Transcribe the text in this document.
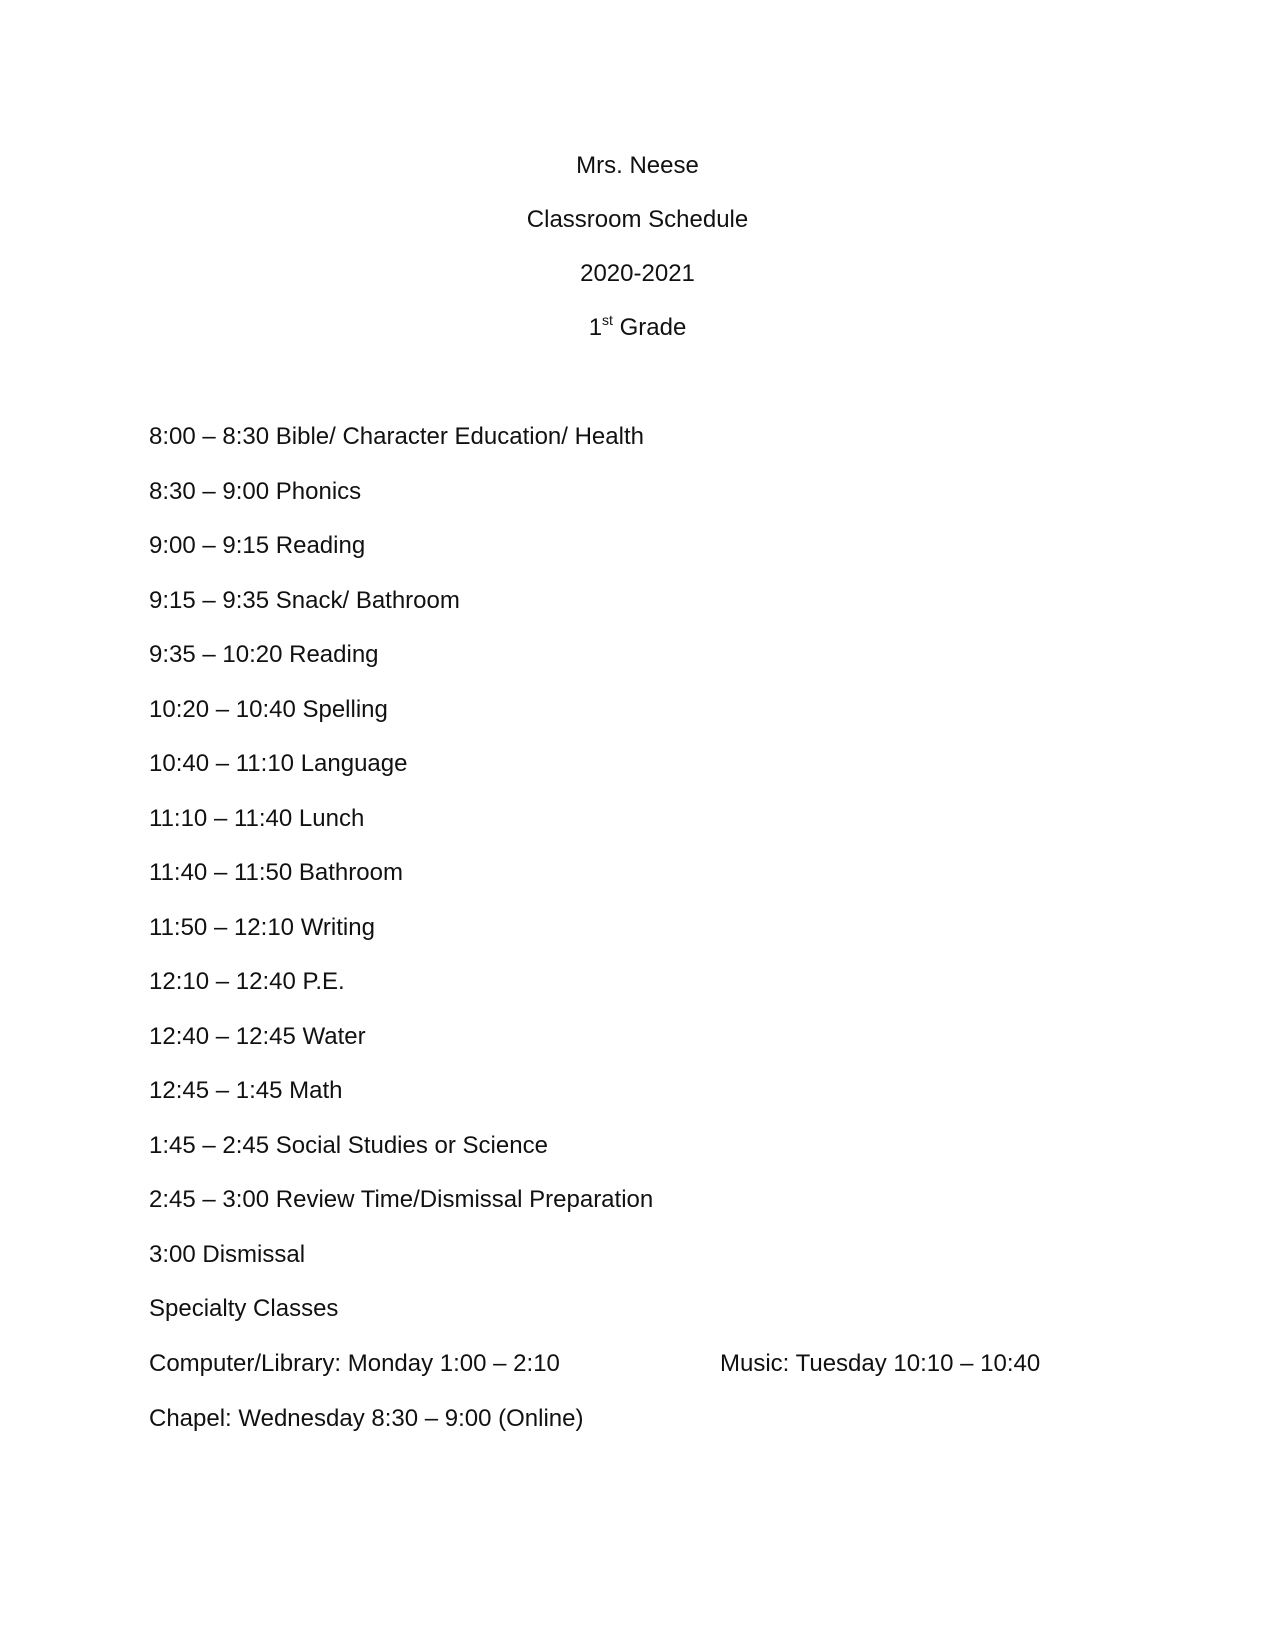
Mrs. Neese
Classroom Schedule
2020-2021
1st Grade
8:00 – 8:30 Bible/ Character Education/ Health
8:30 – 9:00 Phonics
9:00 – 9:15 Reading
9:15 – 9:35 Snack/ Bathroom
9:35 – 10:20 Reading
10:20 – 10:40 Spelling
10:40 – 11:10 Language
11:10 – 11:40 Lunch
11:40 – 11:50 Bathroom
11:50 – 12:10 Writing
12:10 – 12:40 P.E.
12:40 – 12:45 Water
12:45 – 1:45 Math
1:45 – 2:45 Social Studies or Science
2:45 – 3:00 Review Time/Dismissal Preparation
3:00 Dismissal
Specialty Classes
Computer/Library: Monday 1:00 – 2:10	Music: Tuesday 10:10 – 10:40
Chapel: Wednesday 8:30 – 9:00 (Online)
